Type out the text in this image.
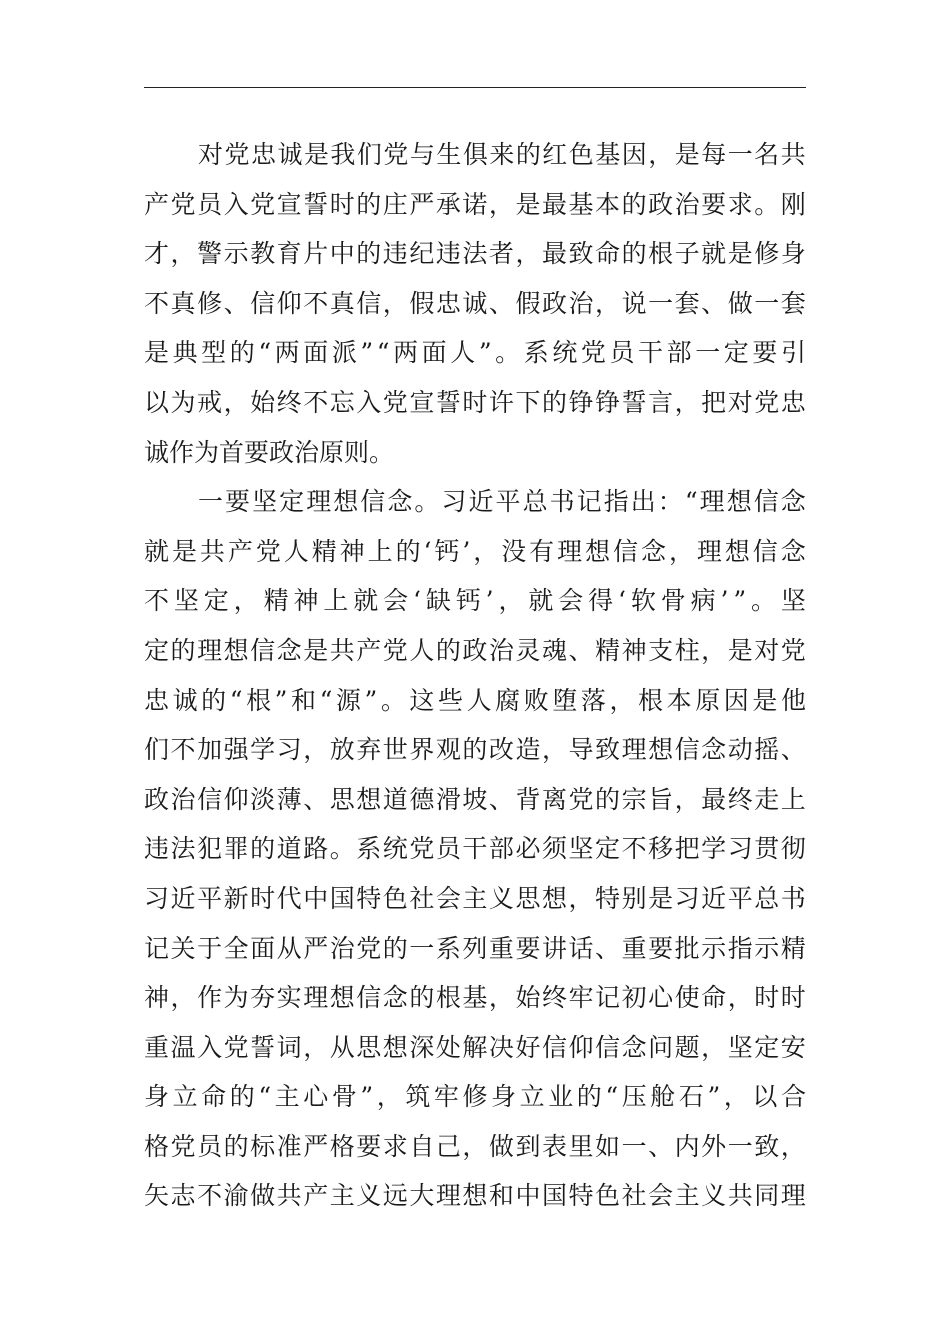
对 党 忠 诚 是 我 们 党 与 生 俱 来 的 红 色 基 因 ， 是 每 一 名 共
产 党 员 入 党 宣 誓 时 的 庄 严 承 诺 ， 是 最 基 本 的 政 治 要 求 。 刚
才 ， 警 示 教 育 片 中 的 违 纪 违 法 者 ， 最 致 命 的 根 子 就 是 修 身
不 真 修 、 信 仰 不 真 信 ， 假 忠 诚 、 假 政 治 ， 说 一 套 、 做 一 套
是 典 型 的 “ 两 面 派 ” “ 两 面 人 ” 。 系 统 党 员 干 部 一 定 要 引
以 为 戒 ， 始 终 不 忘 入 党 宣 誓 时 许 下 的 铮 铮 誓 言 ， 把 对 党 忠
诚作为首要政治原则。
一 要 坚 定 理 想 信 念 。 习 近 平 总 书 记 指 出 ： “ 理 想 信 念
就 是 共 产 党 人 精 神 上 的 ‘ 钙 ’ ， 没 有 理 想 信 念 ， 理 想 信 念
不 坚 定 ， 精 神 上 就 会 ‘ 缺 钙 ’ ， 就 会 得 ‘ 软 骨 病 ’ ” 。 坚
定 的 理 想 信 念 是 共 产 党 人 的 政 治 灵 魂 、 精 神 支 柱 ， 是 对 党
忠 诚 的 “ 根 ” 和 “ 源 ” 。 这 些 人 腐 败 堕 落 ， 根 本 原 因 是 他
们 不 加 强 学 习 ， 放 弃 世 界 观 的 改 造 ， 导 致 理 想 信 念 动 摇 、
政 治 信 仰 淡 薄 、 思 想 道 德 滑 坡 、 背 离 党 的 宗 旨 ， 最 终 走 上
违 法 犯 罪 的 道 路 。 系 统 党 员 干 部 必 须 坚 定 不 移 把 学 习 贯 彻
习 近 平 新 时 代 中 国 特 色 社 会 主 义 思 想 ， 特 别 是 习 近 平 总 书
记 关 于 全 面 从 严 治 党 的 一 系 列 重 要 讲 话 、 重 要 批 示 指 示 精
神 ， 作 为 夯 实 理 想 信 念 的 根 基 ， 始 终 牢 记 初 心 使 命 ， 时 时
重 温 入 党 誓 词 ， 从 思 想 深 处 解 决 好 信 仰 信 念 问 题 ， 坚 定 安
身 立 命 的 “ 主 心 骨 ” ， 筑 牢 修 身 立 业 的 “ 压 舱 石 ” ， 以 合
格 党 员 的 标 准 严 格 要 求 自 己 ， 做 到 表 里 如 一 、 内 外 一 致 ，
矢 志 不 渝 做 共 产 主 义 远 大 理 想 和 中 国 特 色 社 会 主 义 共 同 理
